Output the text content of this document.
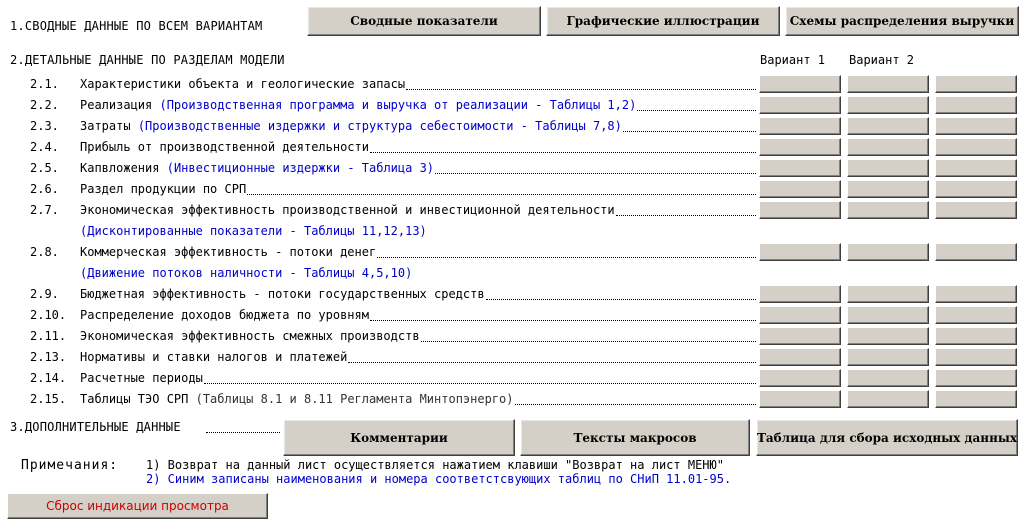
1.СВОДНЫЕ ДАННЫЕ ПО ВСЕМ ВАРИАНТАМ	Сводные показатели	Графические иллюстрации	Схемы распределения выручки
2.ДЕТАЛЬНЫЕ ДАННЫЕ ПО РАЗДЕЛАМ МОДЕЛИ	Вариант 1 Вариант 2
2.1. Характеристики объекта и геологические запасы
2.2. Реализация (Производственная программа и выручка от реализации - Таблицы 1,2)
2.3. Затраты (Производственные издержки и структура себестоимости - Таблицы 7,8)
2.4. Прибыль от производственной деятельности
2.5. Капвложения (Инвестиционные издержки - Таблица 3)
2.6. Раздел продукции по СРП
2.7. Экономическая эффективность производственной и инвестиционной деятельности
(Дисконтированные показатели - Таблицы 11,12,13)
2.8. Коммерческая эффективность - потоки денег
(Движение потоков наличности - Таблицы 4,5,10)
2.9. Бюджетная эффективность - потоки государственных средств
2.10. Распределение доходов бюджета по уровням
2.11. Экономическая эффективность смежных производств
2.13. Нормативы и ставки налогов и платежей
2.14. Расчетные периоды
2.15. Таблицы ТЭО СРП (Таблицы 8.1 и 8.11 Регламента Минтопэнерго)
3.ДОПОЛНИТЕЛЬНЫЕ ДАННЫЕ
Комментарии	Тексты макросов	Таблица для сбора исходных данных
Примечания: 1) Возврат на данный лист осуществляется нажатием клавиши "Возврат на лист МЕНЮ"
2) Синим записаны наименования и номера соответстсвующих таблиц по СНиП 11.01-95.
Сброс индикации просмотра
